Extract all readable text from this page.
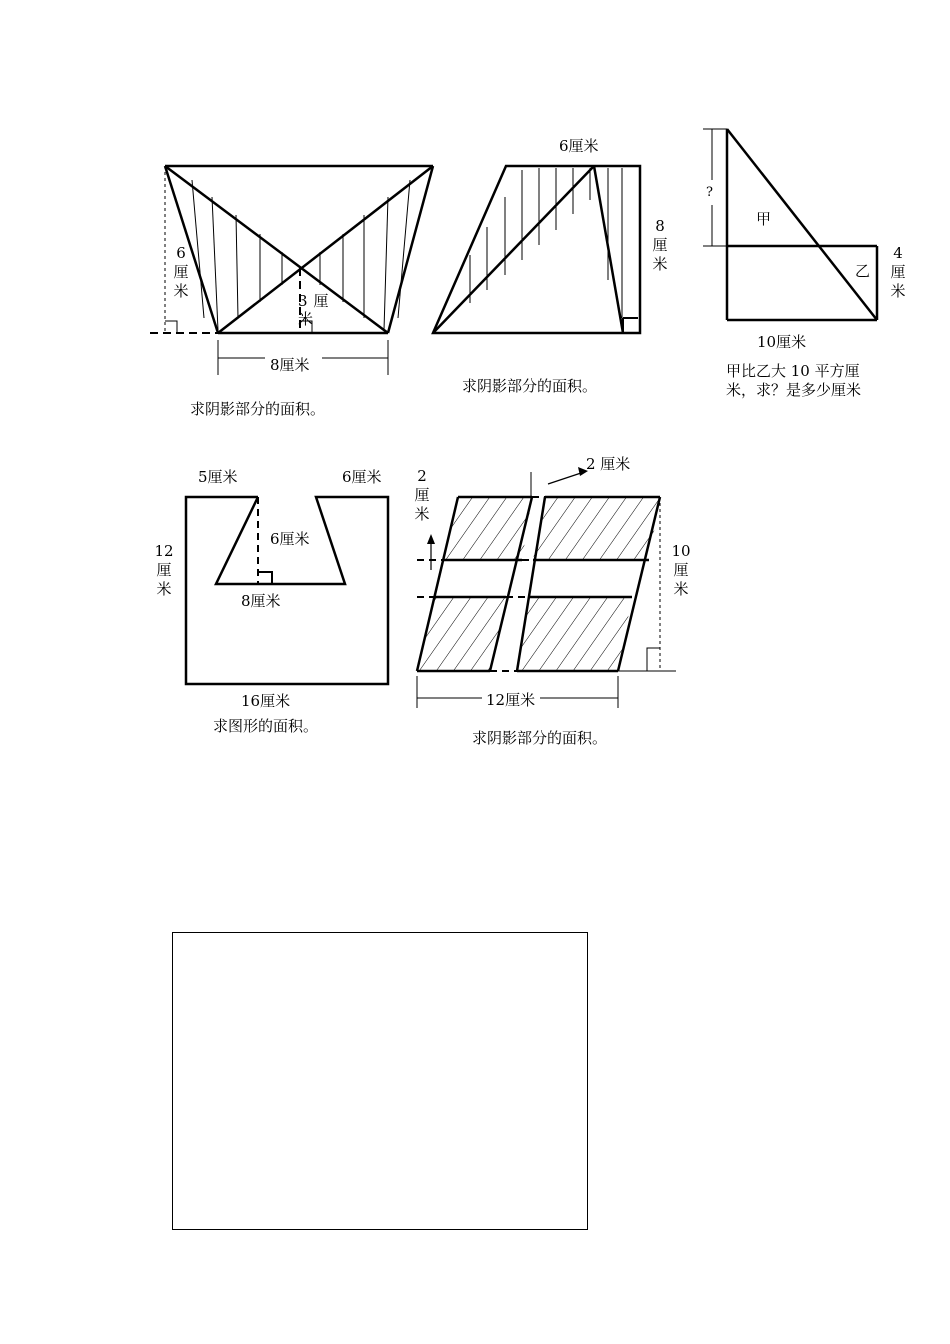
6厘米
8厘米
3厘米
求阴影部分的面积。
6厘米
8厘米
求阴影部分的面积。
?
甲
乙
4厘米
10厘米
甲比乙大 10 平方厘
米，求？是多少厘米
5厘米	6厘米
6厘米
8厘米
12厘米
16厘米
求图形的面积。
2 厘米
2厘米
10厘米
12厘米
求阴影部分的面积。
